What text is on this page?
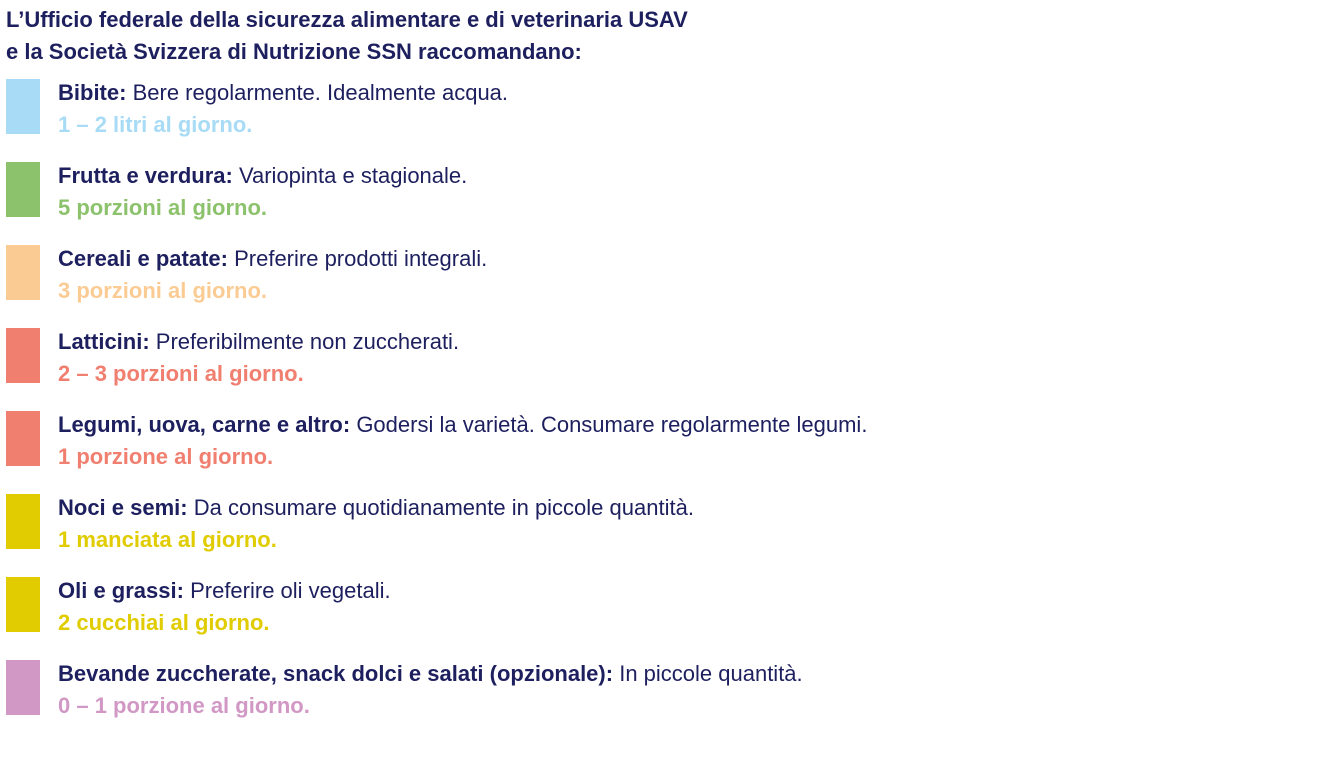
L’Ufficio federale della sicurezza alimentare e di veterinaria USAV
e la Società Svizzera di Nutrizione SSN raccomandano:
Bibite: Bere regolarmente. Idealmente acqua.
1 – 2 litri al giorno.
Frutta e verdura: Variopinta e stagionale.
5 porzioni al giorno.
Cereali e patate: Preferire prodotti integrali.
3 porzioni al giorno.
Latticini: Preferibilmente non zuccherati.
2 – 3 porzioni al giorno.
Legumi, uova, carne e altro: Godersi la varietà. Consumare regolarmente legumi.
1 porzione al giorno.
Noci e semi: Da consumare quotidianamente in piccole quantità.
1 manciata al giorno.
Oli e grassi: Preferire oli vegetali.
2 cucchiai al giorno.
Bevande zuccherate, snack dolci e salati (opzionale): In piccole quantità.
0 – 1 porzione al giorno.
